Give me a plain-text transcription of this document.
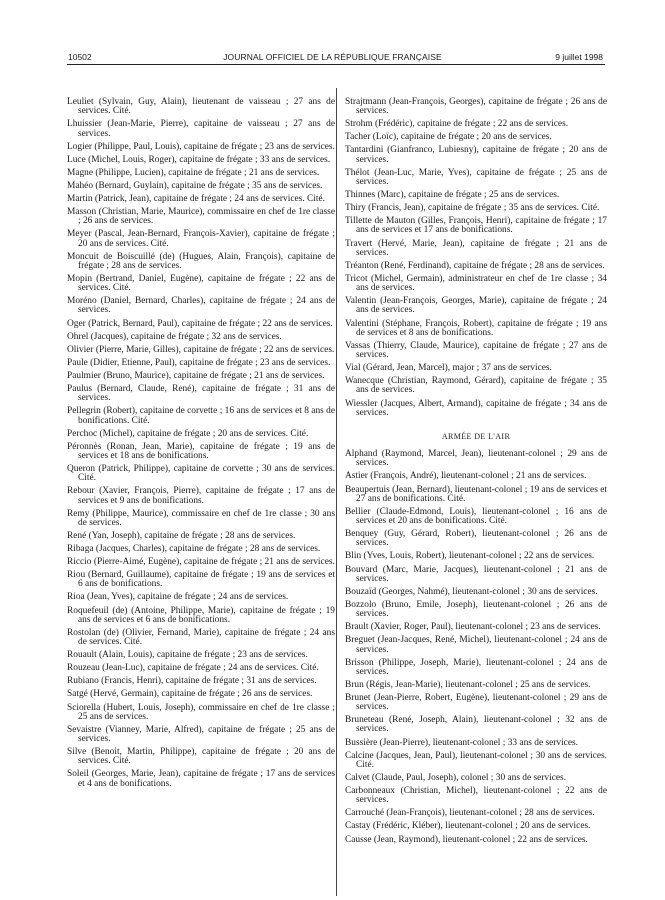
10502	JOURNAL OFFICIEL DE LA RÉPUBLIQUE FRANÇAISE	9 juillet 1998

Leuliet (Sylvain, Guy, Alain), lieutenant de vaisseau ; 27 ans de services. Cité.

Lhuissier (Jean-Marie, Pierre), capitaine de vaisseau ; 27 ans de services.

Logier (Philippe, Paul, Louis), capitaine de frégate ; 23 ans de services.

Luce (Michel, Louis, Roger), capitaine de frégate ; 33 ans de services.

Magne (Philippe, Lucien), capitaine de frégate ; 21 ans de services.

Mahéo (Bernard, Guylain), capitaine de frégate ; 35 ans de services.

Martin (Patrick, Jean), capitaine de frégate ; 24 ans de services. Cité.

Masson (Christian, Marie, Maurice), commissaire en chef de 1re classe ; 26 ans de services.

Meyer (Pascal, Jean-Bernard, François-Xavier), capitaine de frégate ; 20 ans de services. Cité.

Moncuit de Boiscuillé (de) (Hugues, Alain, François), capitaine de frégate ; 28 ans de services.

Mopin (Bertrand, Daniel, Eugène), capitaine de frégate ; 22 ans de services. Cité.

Moréno (Daniel, Bernard, Charles), capitaine de frégate ; 24 ans de services.

Oger (Patrick, Bernard, Paul), capitaine de frégate ; 22 ans de services.

Ohrel (Jacques), capitaine de frégate ; 32 ans de services.

Olivier (Pierre, Marie, Gilles), capitaine de frégate ; 22 ans de services.

Paule (Didier, Etienne, Paul), capitaine de frégate ; 23 ans de services.

Paulmier (Bruno, Maurice), capitaine de frégate ; 21 ans de services.

Paulus (Bernard, Claude, René), capitaine de frégate ; 31 ans de services.

Pellegrin (Robert), capitaine de corvette ; 16 ans de services et 8 ans de bonifications. Cité.

Perchoc (Michel), capitaine de frégate ; 20 ans de services. Cité.

Péronnès (Ronan, Jean, Marie), capitaine de frégate ; 19 ans de services et 18 ans de bonifications.

Queron (Patrick, Philippe), capitaine de corvette ; 30 ans de services. Cité.

Rebour (Xavier, François, Pierre), capitaine de frégate ; 17 ans de services et 9 ans de bonifications.

Remy (Philippe, Maurice), commissaire en chef de 1re classe ; 30 ans de services.

René (Yan, Joseph), capitaine de frégate ; 28 ans de services.

Ribaga (Jacques, Charles), capitaine de frégate ; 28 ans de services.

Riccio (Pierre-Aimé, Eugène), capitaine de frégate ; 21 ans de services.

Riou (Bernard, Guillaume), capitaine de frégate ; 19 ans de services et 6 ans de bonifications.

Rioa (Jean, Yves), capitaine de frégate ; 24 ans de services.

Roquefeuil (de) (Antoine, Philippe, Marie), capitaine de frégate ; 19 ans de services et 6 ans de bonifications.

Rostolan (de) (Olivier, Fernand, Marie), capitaine de frégate ; 24 ans de services. Cité.

Rouault (Alain, Louis), capitaine de frégate ; 23 ans de services.

Rouzeau (Jean-Luc), capitaine de frégate ; 24 ans de services. Cité.

Rubiano (Francis, Henri), capitaine de frégate ; 31 ans de services.

Satgé (Hervé, Germain), capitaine de frégate ; 26 ans de services.

Sciorella (Hubert, Louis, Joseph), commissaire en chef de 1re classe ; 25 ans de services.

Sevaistre (Vianney, Marie, Alfred), capitaine de frégate ; 25 ans de services.

Silve (Benoit, Martin, Philippe), capitaine de frégate ; 20 ans de services. Cité.

Soleil (Georges, Marie, Jean), capitaine de frégate ; 17 ans de services et 4 ans de bonifications.

Strajtmann (Jean-François, Georges), capitaine de frégate ; 26 ans de services.

Strohm (Frédéric), capitaine de frégate ; 22 ans de services.

Tacher (Loïc), capitaine de frégate ; 20 ans de services.

Tantardini (Gianfranco, Lubiesny), capitaine de frégate ; 20 ans de services.

Thélot (Jean-Luc, Marie, Yves), capitaine de frégate ; 25 ans de services.

Thinnes (Marc), capitaine de frégate ; 25 ans de services.

Thiry (Francis, Jean), capitaine de frégate ; 35 ans de services. Cité.

Tillette de Mauton (Gilles, François, Henri), capitaine de frégate ; 17 ans de services et 17 ans de bonifications.

Travert (Hervé, Marie, Jean), capitaine de frégate ; 21 ans de services.

Tréanton (René, Ferdinand), capitaine de frégate ; 28 ans de services.

Tricot (Michel, Germain), administrateur en chef de 1re classe ; 34 ans de services.

Valentin (Jean-François, Georges, Marie), capitaine de frégate ; 24 ans de services.

Valentini (Stéphane, François, Robert), capitaine de frégate ; 19 ans de services et 8 ans de bonifications.

Vassas (Thierry, Claude, Maurice), capitaine de frégate ; 27 ans de services.

Vial (Gérard, Jean, Marcel), major ; 37 ans de services.

Wanecque (Christian, Raymond, Gérard), capitaine de frégate ; 35 ans de services.

Wiessler (Jacques, Albert, Armand), capitaine de frégate ; 34 ans de services.

ARMÉE DE L'AIR

Alphand (Raymond, Marcel, Jean), lieutenant-colonel ; 29 ans de services.

Astier (François, André), lieutenant-colonel ; 21 ans de services.

Beaupertuis (Jean, Bernard), lieutenant-colonel ; 19 ans de services et 27 ans de bonifications. Cité.

Bellier (Claude-Edmond, Louis), lieutenant-colonel ; 16 ans de services et 20 ans de bonifications. Cité.

Benquey (Guy, Gérard, Robert), lieutenant-colonel ; 26 ans de services.

Blin (Yves, Louis, Robert), lieutenant-colonel ; 22 ans de services.

Bouvard (Marc, Marie, Jacques), lieutenant-colonel ; 21 ans de services.

Bouzaïd (Georges, Nahmé), lieutenant-colonel ; 30 ans de services.

Bozzolo (Bruno, Emile, Joseph), lieutenant-colonel ; 26 ans de services.

Brault (Xavier, Roger, Paul), lieutenant-colonel ; 23 ans de services.

Breguet (Jean-Jacques, René, Michel), lieutenant-colonel ; 24 ans de services.

Brisson (Philippe, Joseph, Marie), lieutenant-colonel ; 24 ans de services.

Brun (Régis, Jean-Marie), lieutenant-colonel ; 25 ans de services.

Brunet (Jean-Pierre, Robert, Eugène), lieutenant-colonel ; 29 ans de services.

Bruneteau (René, Joseph, Alain), lieutenant-colonel ; 32 ans de services.

Bussière (Jean-Pierre), lieutenant-colonel ; 33 ans de services.

Calcine (Jacques, Jean, Paul), lieutenant-colonel ; 30 ans de services. Cité.

Calvet (Claude, Paul, Joseph), colonel ; 30 ans de services.

Carbonneaux (Christian, Michel), lieutenant-colonel ; 22 ans de services.

Carrouché (Jean-François), lieutenant-colonel ; 28 ans de services.

Castay (Frédéric, Kléber), lieutenant-colonel ; 20 ans de services.

Causse (Jean, Raymond), lieutenant-colonel ; 22 ans de services.
